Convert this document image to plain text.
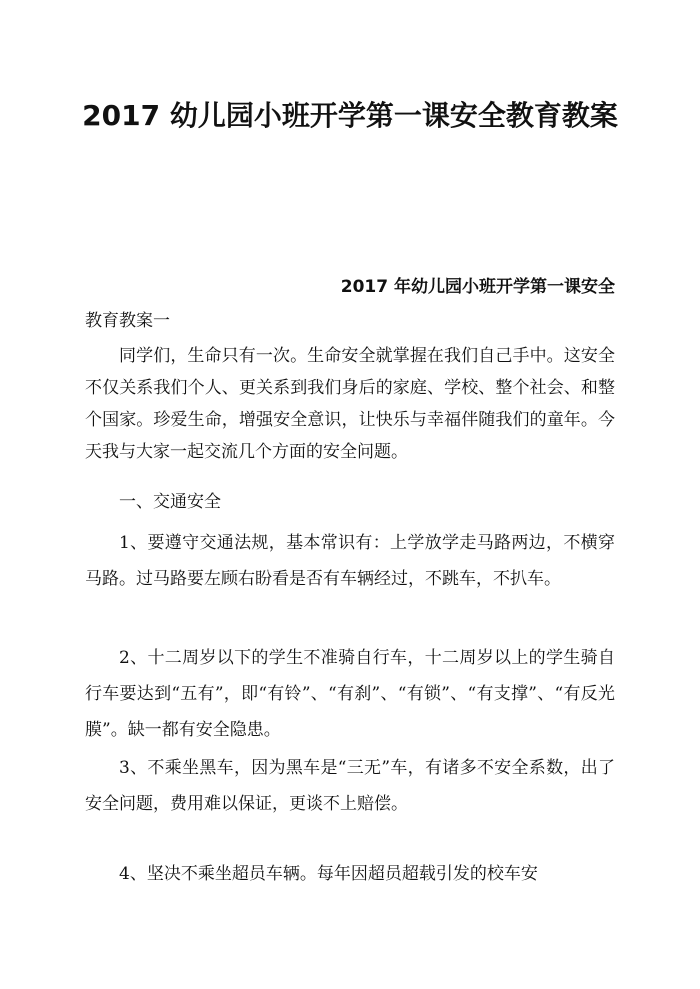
2017 幼儿园小班开学第一课安全教育教案

2017 年幼儿园小班开学第一课安全
教育教案一

同学们，生命只有一次。生命安全就掌握在我们自己手中。这安全不仅关系我们个人、更关系到我们身后的家庭、学校、整个社会、和整个国家。珍爱生命，增强安全意识，让快乐与幸福伴随我们的童年。今天我与大家一起交流几个方面的安全问题。

一、交通安全

1、要遵守交通法规，基本常识有：上学放学走马路两边，不横穿马路。过马路要左顾右盼看是否有车辆经过，不跳车，不扒车。

2、十二周岁以下的学生不准骑自行车，十二周岁以上的学生骑自行车要达到“五有”，即“有铃”、“有刹”、“有锁”、“有支撑”、“有反光膜”。缺一都有安全隐患。

3、不乘坐黑车，因为黑车是“三无”车，有诸多不安全系数，出了安全问题，费用难以保证，更谈不上赔偿。

4、坚决不乘坐超员车辆。每年因超员超载引发的校车安
